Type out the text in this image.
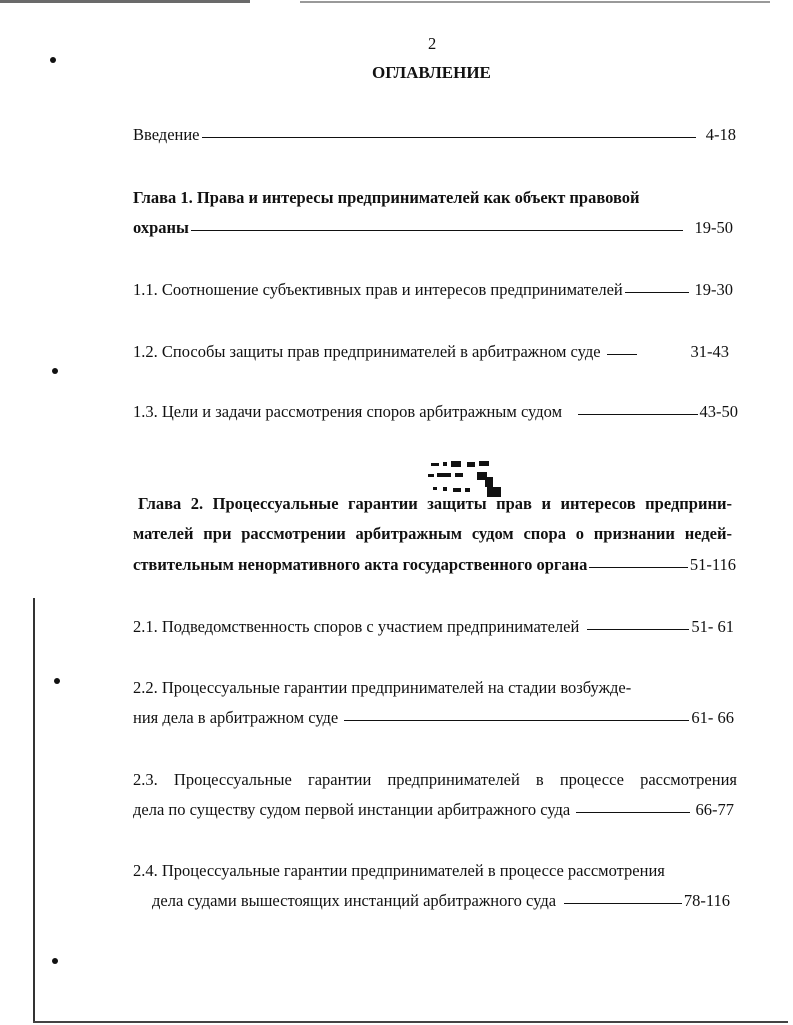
2
ОГЛАВЛЕНИЕ
Введение	4-18
Глава 1. Права и интересы предпринимателей как объект правовой
охраны	19-50
1.1. Соотношение субъективных прав и интересов предпринимателей	19-30
1.2. Способы защиты прав предпринимателей в арбитражном суде	31-43
1.3. Цели и задачи рассмотрения споров арбитражным судом	43-50
Глава 2. Процессуальные гарантии защиты прав и интересов предприни-
мателей при рассмотрении арбитражным судом спора о признании недей-
ствительным ненормативного акта государственного органа	51-116
2.1. Подведомственность споров с участием предпринимателей	51- 61
2.2. Процессуальные гарантии предпринимателей на стадии возбужде-
ния дела в арбитражном суде	61- 66
2.3. Процессуальные гарантии предпринимателей в процессе рассмотрения
дела по существу судом первой инстанции арбитражного суда	66-77
2.4. Процессуальные гарантии предпринимателей в процессе рассмотрения
дела судами вышестоящих инстанций арбитражного суда	78-116
